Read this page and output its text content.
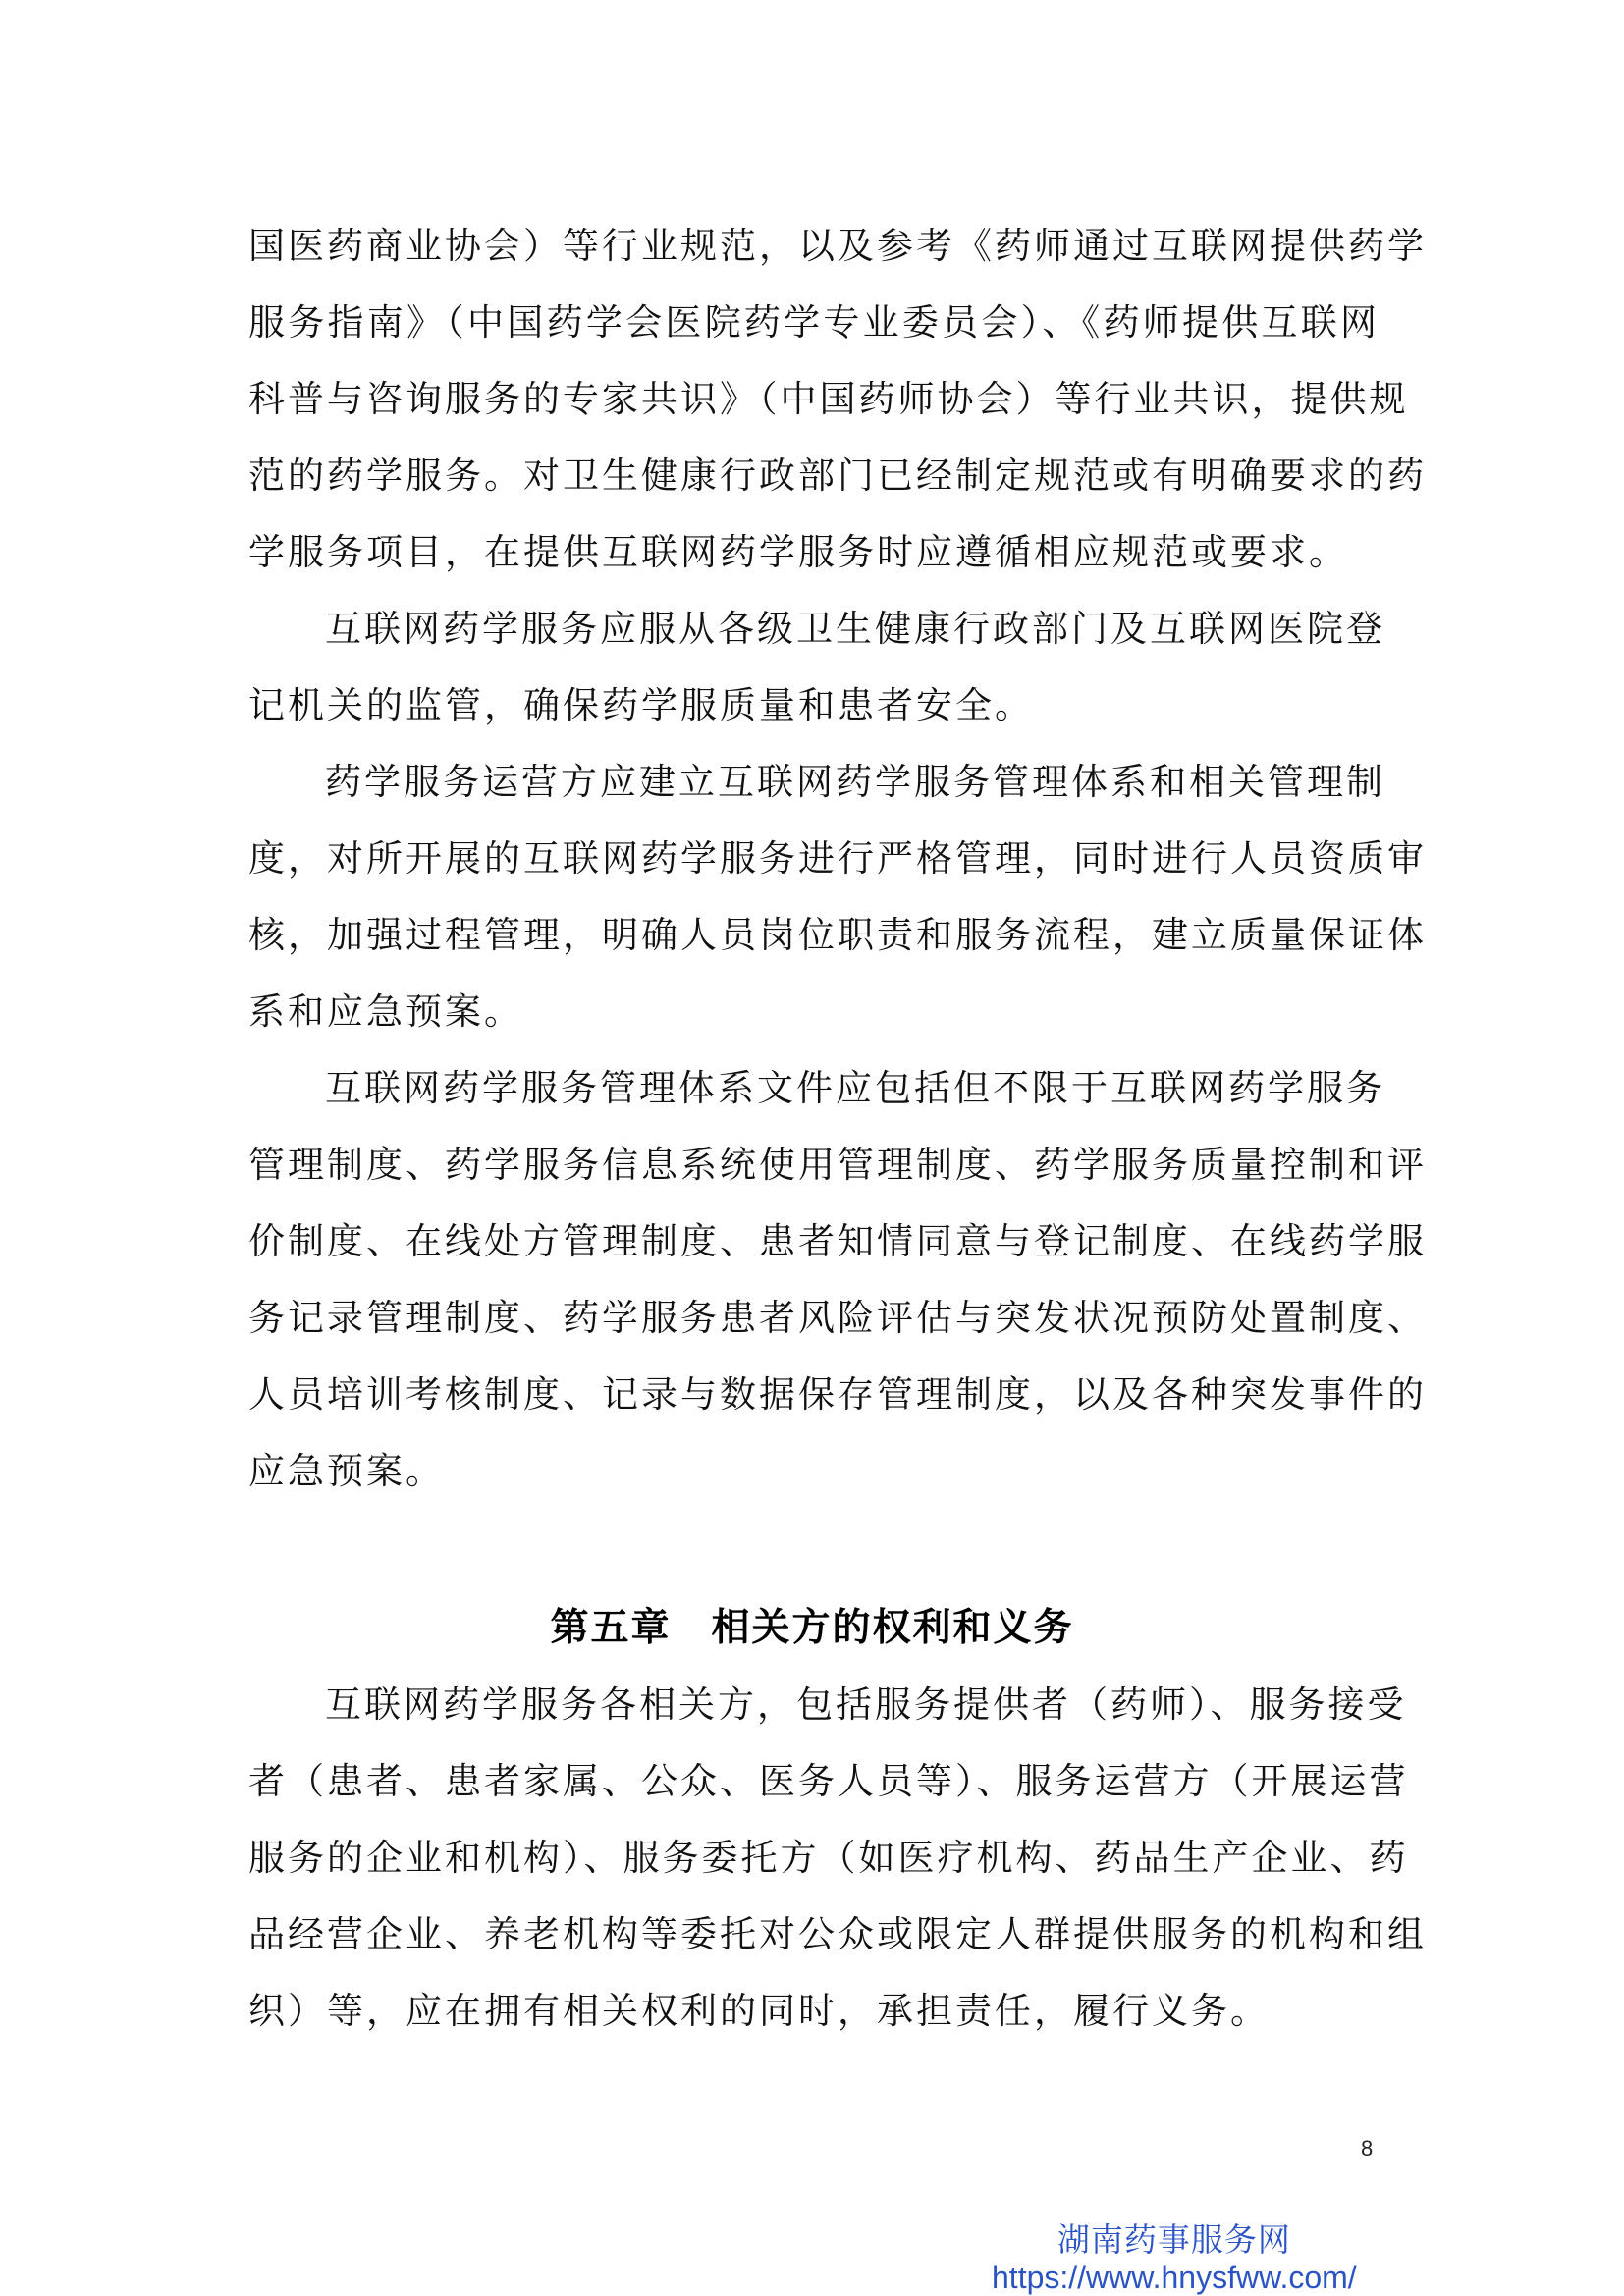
国医药商业协会）等行业规范，以及参考《药师通过互联网提供药学
服务指南》（中国药学会医院药学专业委员会）、《药师提供互联网
科普与咨询服务的专家共识》（中国药师协会）等行业共识，提供规
范的药学服务。对卫生健康行政部门已经制定规范或有明确要求的药
学服务项目，在提供互联网药学服务时应遵循相应规范或要求。
互联网药学服务应服从各级卫生健康行政部门及互联网医院登
记机关的监管，确保药学服质量和患者安全。
药学服务运营方应建立互联网药学服务管理体系和相关管理制
度，对所开展的互联网药学服务进行严格管理，同时进行人员资质审
核，加强过程管理，明确人员岗位职责和服务流程，建立质量保证体
系和应急预案。
互联网药学服务管理体系文件应包括但不限于互联网药学服务
管理制度、药学服务信息系统使用管理制度、药学服务质量控制和评
价制度、在线处方管理制度、患者知情同意与登记制度、在线药学服
务记录管理制度、药学服务患者风险评估与突发状况预防处置制度、
人员培训考核制度、记录与数据保存管理制度，以及各种突发事件的
应急预案。
第五章　相关方的权利和义务
互联网药学服务各相关方，包括服务提供者（药师）、服务接受
者（患者、患者家属、公众、医务人员等）、服务运营方（开展运营
服务的企业和机构）、服务委托方（如医疗机构、药品生产企业、药
品经营企业、养老机构等委托对公众或限定人群提供服务的机构和组
织）等，应在拥有相关权利的同时，承担责任，履行义务。
8
湖南药事服务网
https://www.hnysfww.com/
